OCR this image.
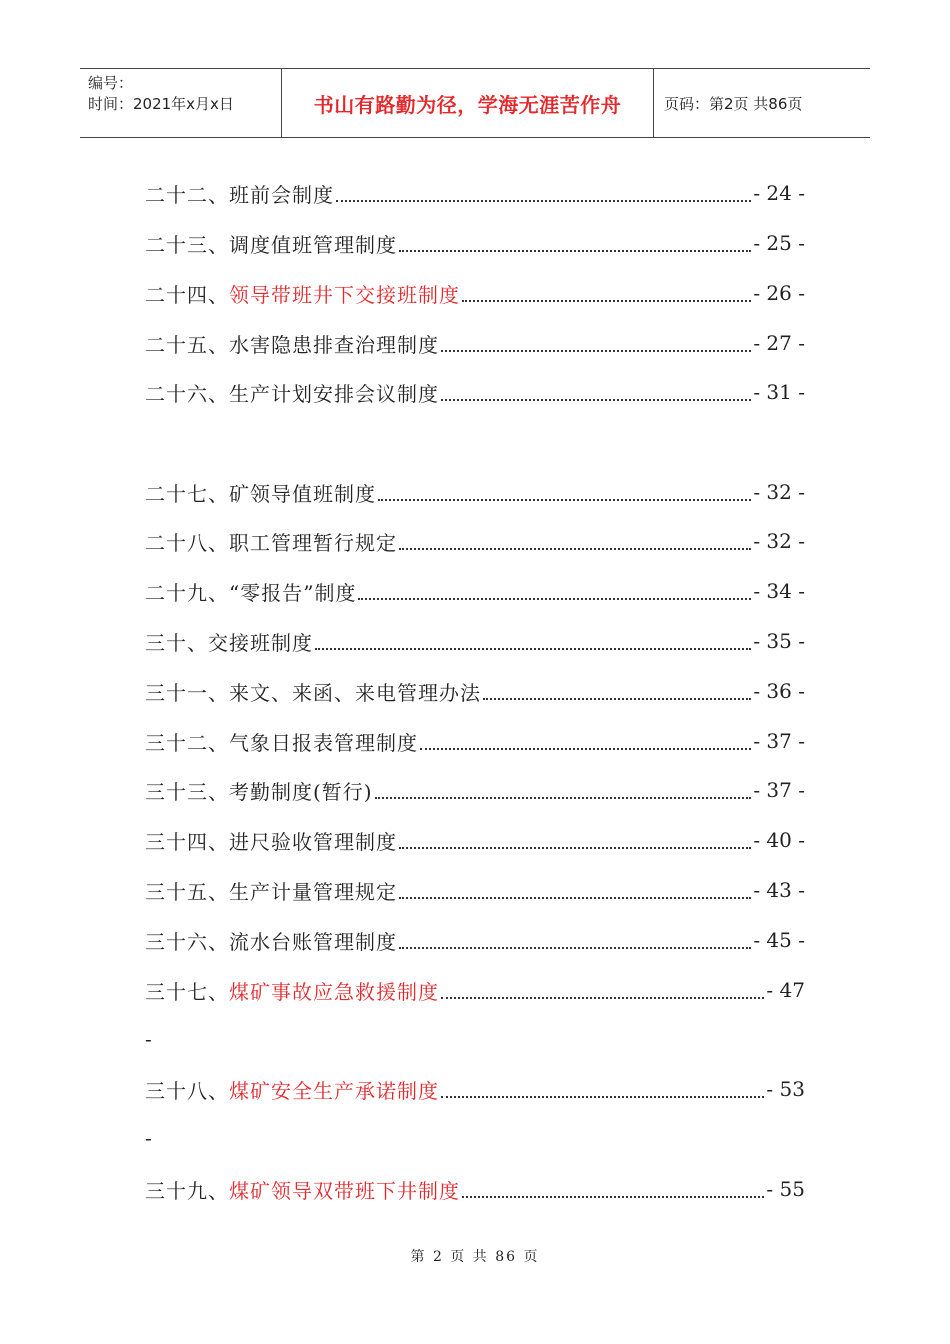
编号：
时间：2021年x月x日	书山有路勤为径，学海无涯苦作舟	页码：第2页 共86页
二十二、 班前会制度	- 24 -
二十三、 调度值班管理制度	- 25 -
二十四、 领导带班井下交接班制度	- 26 -
二十五、 水害隐患排查治理制度	- 27 -
二十六、 生产计划安排会议制度	- 31 -
二十七、 矿领导值班制度	- 32 -
二十八、 职工管理暂行规定	- 32 -
二十九、 “零报告”制度	- 34 -
三十、 交接班制度	- 35 -
三十一、 来文、来函、来电管理办法	- 36 -
三十二、 气象日报表管理制度	- 37 -
三十三、 考勤制度(暂行)	- 37 -
三十四、 进尺验收管理制度	- 40 -
三十五、 生产计量管理规定	- 43 -
三十六、 流水台账管理制度	- 45 -
三十七、 煤矿事故应急救援制度	- 47
三十八、 煤矿安全生产承诺制度	- 53
三十九、 煤矿领导双带班下井制度	- 55
-
-
第 2 页 共 86 页
